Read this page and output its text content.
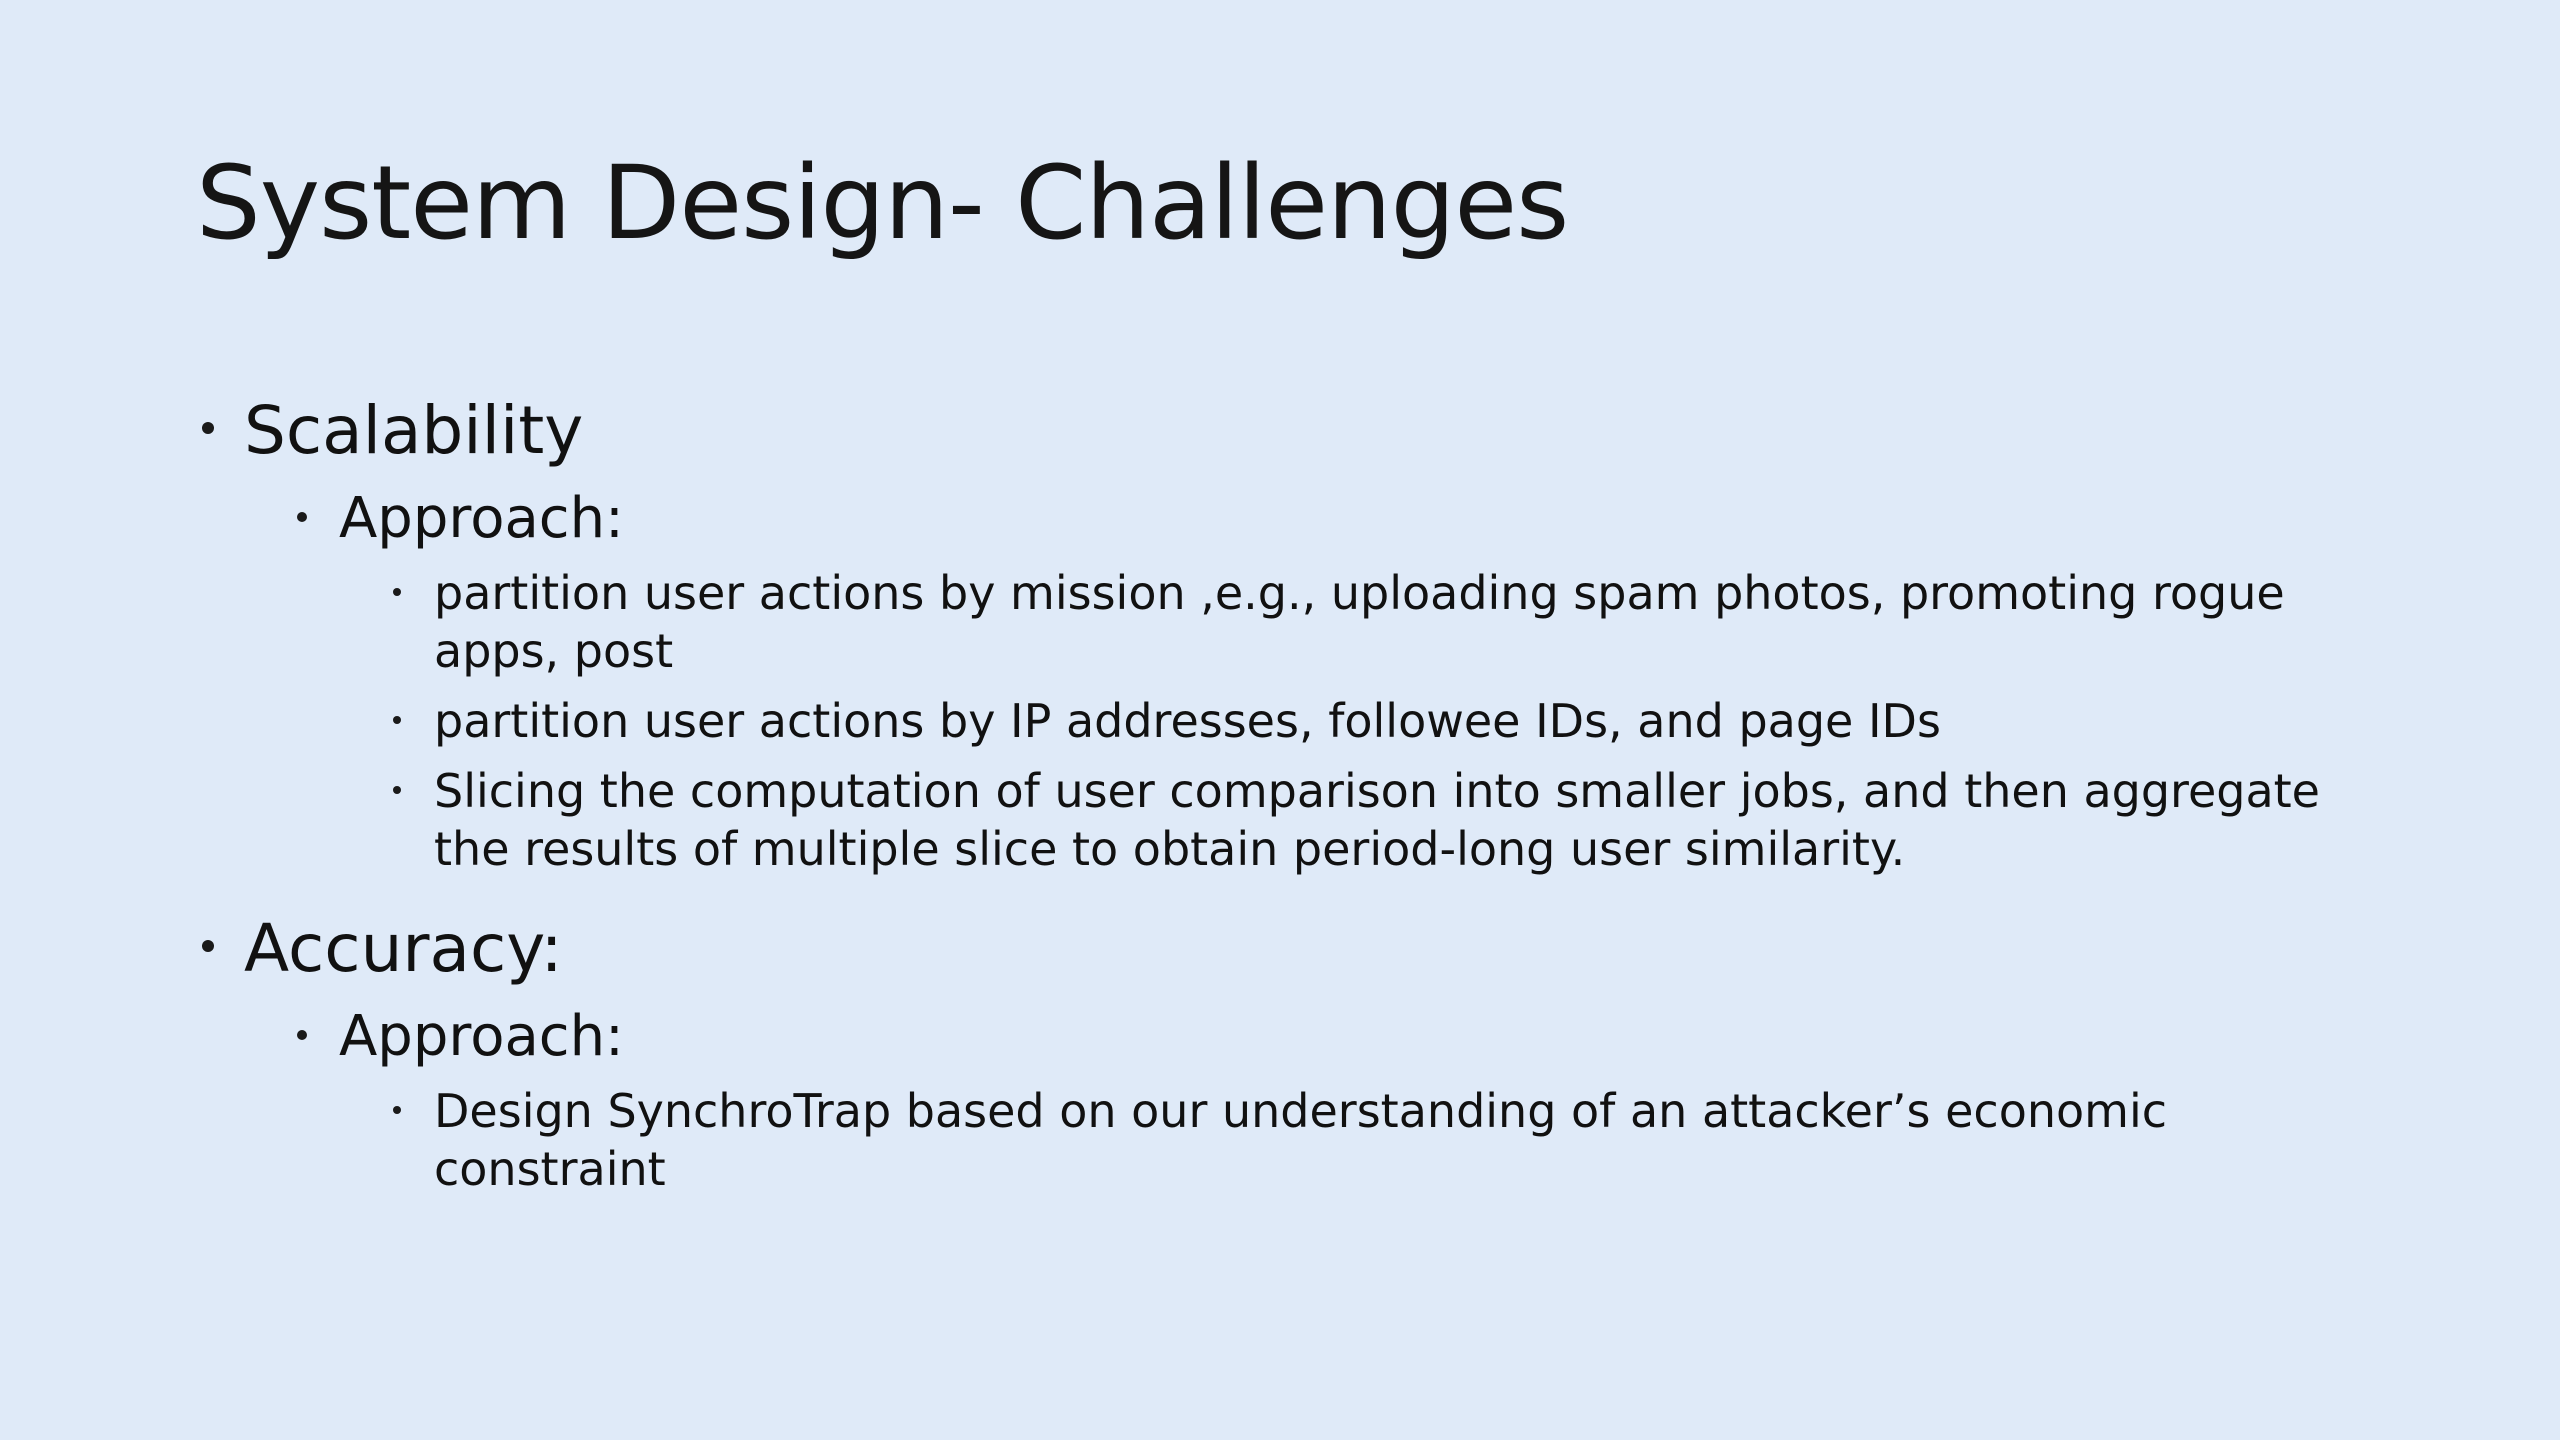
System Design- Challenges
Scalability
Approach:
partition user actions by mission ,e.g., uploading spam photos, promoting rogue apps, post
partition user actions by IP addresses, followee IDs, and page IDs
Slicing the computation of user comparison into smaller jobs, and then aggregate the results of multiple slice to obtain period-long user similarity.
Accuracy:
Approach:
Design SynchroTrap based on our understanding of an attacker’s economic constraint
